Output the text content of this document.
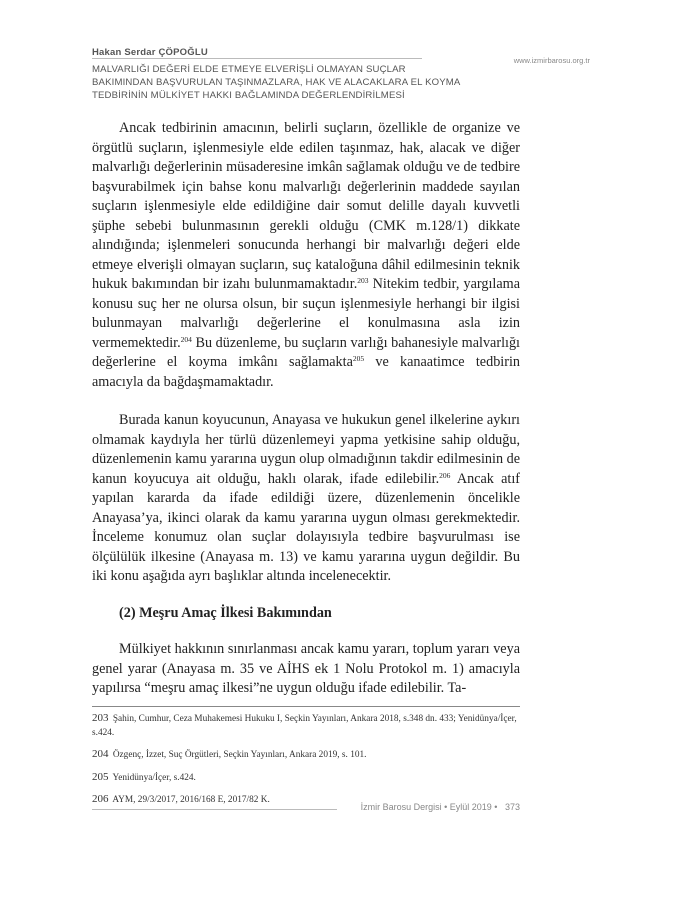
Hakan Serdar ÇÖPOĞLU
www.izmirbarosu.org.tr
MALVARLIĞI DEĞERİ ELDE ETMEYE ELVERİŞLİ OLMAYAN SUÇLAR
BAKIMINDAN BAŞVURULAN TAŞINMAZLARA, HAK VE ALACAKLARA EL KOYMA
TEDBİRİNİN MÜLKİYET HAKKI BAĞLAMINDA DEĞERLENDİRİLMESİ

Ancak tedbirinin amacının, belirli suçların, özellikle de organize ve örgütlü suçların, işlenmesiyle elde edilen taşınmaz, hak, alacak ve diğer malvarlığı değerlerinin müsaderesine imkân sağlamak olduğu ve de tedbire başvurabilmek için bahse konu malvarlığı değerlerinin maddede sayılan suçların işlenmesiyle elde edildiğine dair somut delille dayalı kuvvetli şüphe sebebi bulunmasının gerekli olduğu (CMK m.128/1) dikkate alındığında; işlenmeleri sonucunda herhangi bir malvarlığı değeri elde etmeye elverişli olmayan suçların, suç kataloğuna dâhil edilmesinin teknik hukuk bakımından bir izahı bulunmamaktadır.$^{203}$ Nitekim tedbir, yargılama konusu suç her ne olursa olsun, bir suçun işlenmesiyle herhangi bir ilgisi bulunmayan malvarlığı değerlerine el konulmasına asla izin vermemektedir.$^{204}$ Bu düzenleme, bu suçların varlığı bahanesiyle malvarlığı değerlerine el koyma imkânı sağlamakta$^{205}$ ve kanaatimce tedbirin amacıyla da bağdaşmamaktadır.

Burada kanun koyucunun, Anayasa ve hukukun genel ilkelerine aykırı olmamak kaydıyla her türlü düzenlemeyi yapma yetkisine sahip olduğu, düzenlemenin kamu yararına uygun olup olmadığının takdir edilmesinin de kanun koyucuya ait olduğu, haklı olarak, ifade edilebilir.$^{206}$ Ancak atıf yapılan kararda da ifade edildiği üzere, düzenlemenin öncelikle Anayasa’ya, ikinci olarak da kamu yararına uygun olması gerekmektedir. İnceleme konumuz olan suçlar dolayısıyla tedbire başvurulması ise ölçülülük ilkesine (Anayasa m. 13) ve kamu yararına uygun değildir. Bu iki konu aşağıda ayrı başlıklar altında incelenecektir.

(2) Meşru Amaç İlkesi Bakımından

Mülkiyet hakkının sınırlanması ancak kamu yararı, toplum yararı veya genel yarar (Anayasa m. 35 ve AİHS ek 1 Nolu Protokol m. 1) amacıyla yapılırsa “meşru amaç ilkesi”ne uygun olduğu ifade edilebilir. Ta-

203 Şahin, Cumhur, Ceza Muhakemesi Hukuku I, Seçkin Yayınları, Ankara 2018, s.348 dn. 433; Yenidünya/İçer, s.424.
204 Özgenç, İzzet, Suç Örgütleri, Seçkin Yayınları, Ankara 2019, s. 101.
205 Yenidünya/İçer, s.424.
206 AYM, 29/3/2017, 2016/168 E, 2017/82 K.
İzmir Barosu Dergisi • Eylül 2019 • 373
